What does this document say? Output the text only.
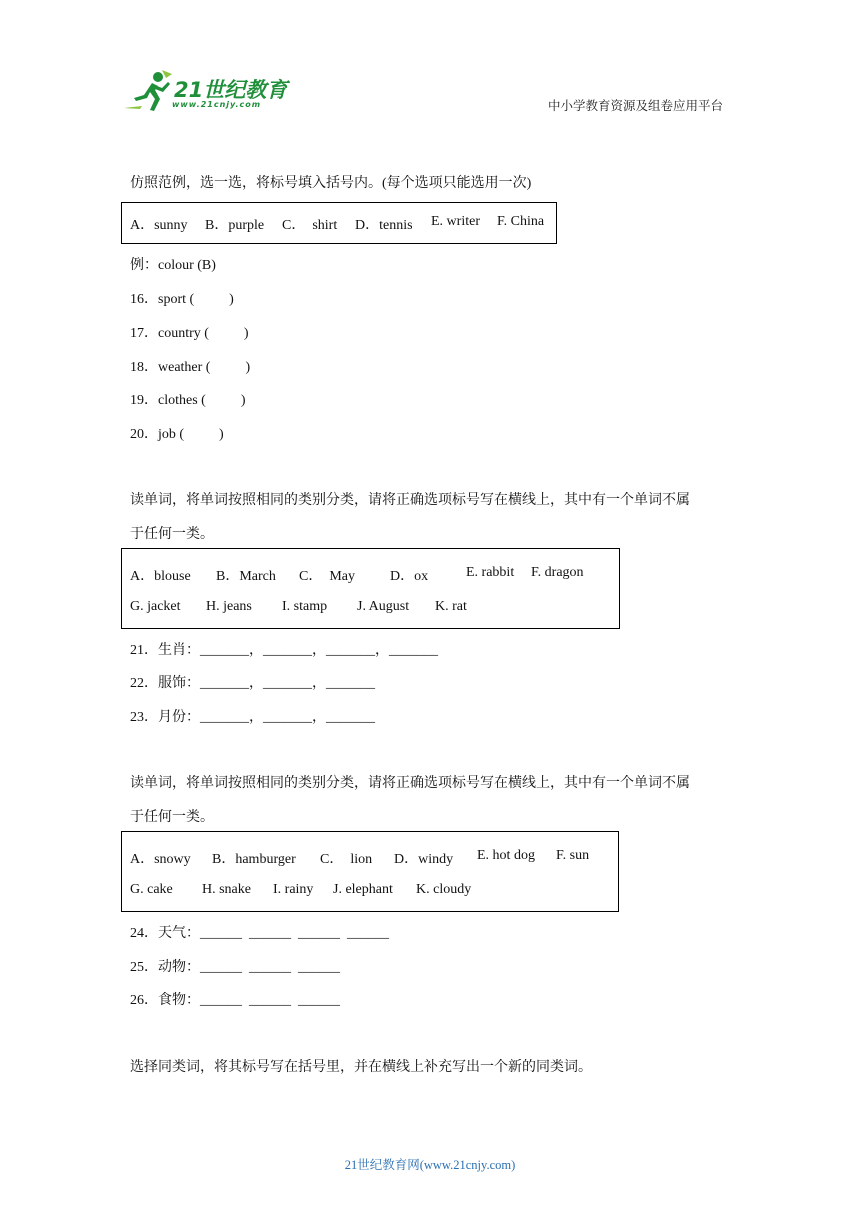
21世纪教育
www.21cnjy.com	中小学教育资源及组卷应用平台
仿照范例，选一选，将标号填入括号内。(每个选项只能选用一次)
A．sunny B．purple C．  shirt D．tennis E. writer F. China
例：colour (B)
16．sport (          )
17．country (          )
18．weather (          )
19．clothes (          )
20．job (          )
读单词，将单词按照相同的类别分类，请将正确选项标号写在横线上，其中有一个单词不属
于任何一类。
A．blouse B．March C．  May	D．ox	E. rabbit F. dragon
G. jacket H. jeans I. stamp J. August K. rat
21．生肖：_______，_______，_______，_______
22．服饰：_______，_______，_______
23．月份：_______，_______，_______
读单词，将单词按照相同的类别分类，请将正确选项标号写在横线上，其中有一个单词不属
于任何一类。
A．snowy B．hamburger C．  lion D．windy E. hot dog F. sun
G. cake H. snake I. rainy J. elephant K. cloudy
24．天气：______  ______  ______  ______
25．动物：______  ______  ______
26．食物：______  ______  ______
选择同类词，将其标号写在括号里，并在横线上补充写出一个新的同类词。
21世纪教育网(www.21cnjy.com)
